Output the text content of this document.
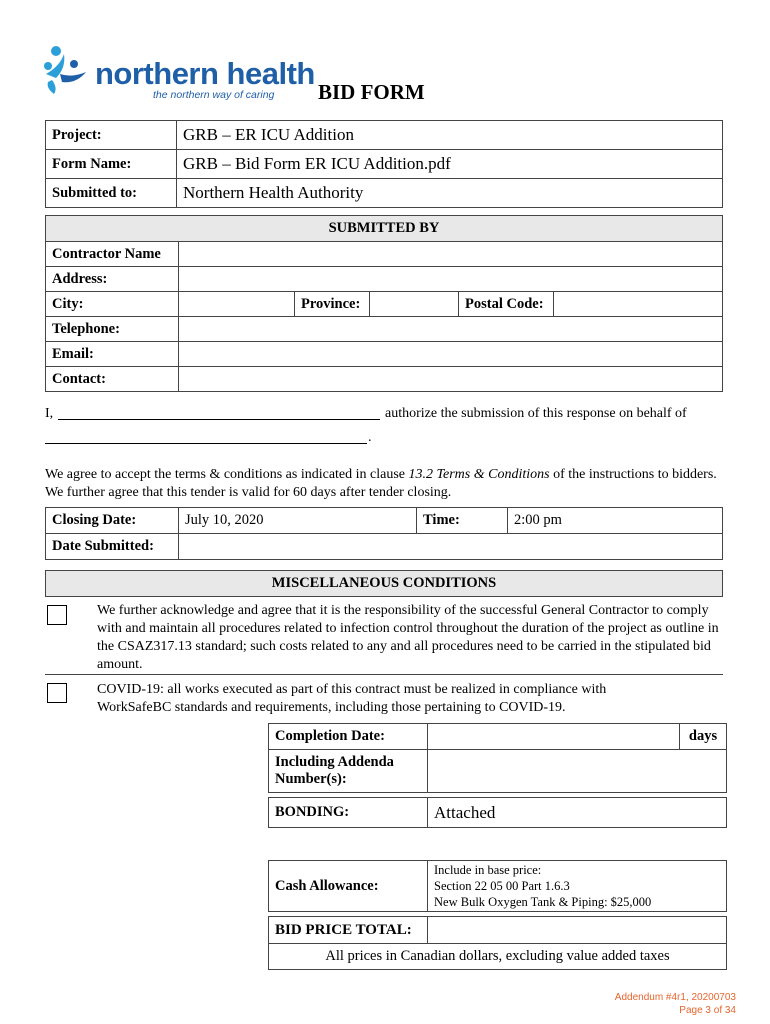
northern health
the northern way of caring BID FORM
Project:	GRB – ER ICU Addition
Form Name:	GRB – Bid Form ER ICU Addition.pdf
Submitted to:	Northern Health Authority
SUBMITTED BY					
Contractor Name					
Address:					
City:		Province:		Postal Code:	
Telephone:					
Email:					
Contact:					
I,	authorize the submission of this response on behalf of
.
We agree to accept the terms & conditions as indicated in clause 13.2 Terms & Conditions of the instructions to bidders. We further agree that this tender is valid for 60 days after tender closing.
Closing Date:	July 10, 2020	Time:	2:00 pm
Date Submitted:			
MISCELLANEOUS CONDITIONS
We further acknowledge and agree that it is the responsibility of the successful General Contractor to comply with and maintain all procedures related to infection control throughout the duration of the project as outline in the CSAZ317.13 standard; such costs related to any and all procedures need to be carried in the stipulated bid amount.
COVID-19: all works executed as part of this contract must be realized in compliance with WorkSafeBC standards and requirements, including those pertaining to COVID-19.
Completion Date:		days
Including Addenda Number(s):		
BONDING:	Attached
Cash Allowance:	
Include in base price:
Section 22 05 00 Part 1.6.3
New Bulk Oxygen Tank & Piping: $25,000
BID PRICE TOTAL:	
All prices in Canadian dollars, excluding value added taxes
Addendum #4r1, 20200703
Page 3 of 34
